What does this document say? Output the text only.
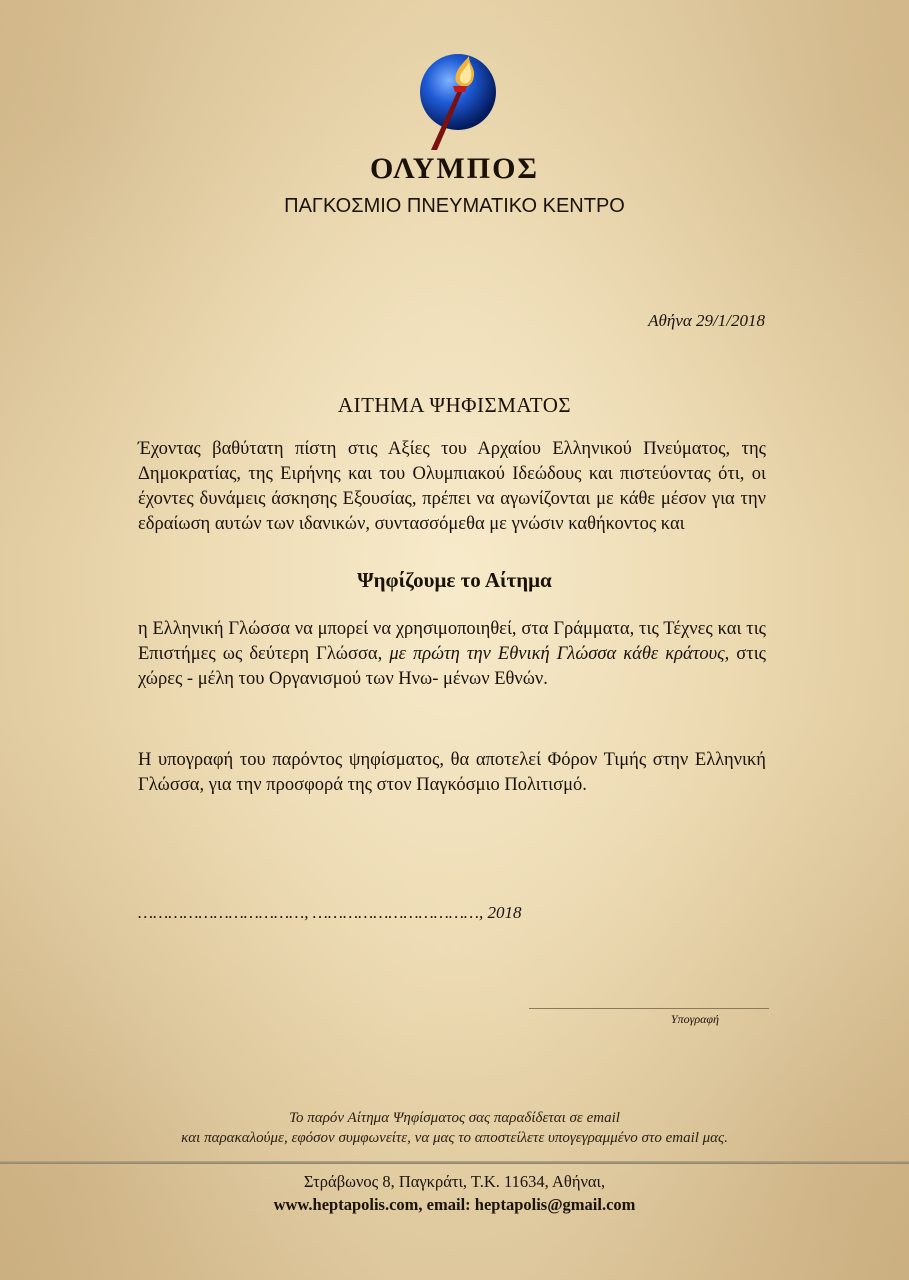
ΟΛΥΜΠΟΣ
ΠΑΓΚΟΣΜΙΟ ΠΝΕΥΜΑΤΙΚΟ ΚΕΝΤΡΟ
Αθήνα 29/1/2018
ΑΙΤΗΜΑ ΨΗΦΙΣΜΑΤΟΣ
Έχοντας βαθύτατη πίστη στις Αξίες του Αρχαίου Ελληνικού Πνεύματος, της Δημοκρατίας, της Ειρήνης και του Ολυμπιακού Ιδεώδους και πιστεύοντας ότι, οι έχοντες δυνάμεις άσκησης Εξουσίας, πρέπει να αγωνίζονται με κάθε μέσον για την εδραίωση αυτών των ιδανικών, συντασσόμεθα με γνώσιν καθήκοντος και
Ψηφίζουμε το Αίτημα
η Ελληνική Γλώσσα να μπορεί να χρησιμοποιηθεί, στα Γράμματα, τις Τέχνες και τις Επιστήμες ως δεύτερη Γλώσσα, με πρώτη την Εθνική Γλώσσα κάθε κράτους, στις χώρες - μέλη του Οργανισμού των Ηνω- μένων Εθνών.
Η υπογραφή του παρόντος ψηφίσματος, θα αποτελεί Φόρον Τιμής στην Ελληνική Γλώσσα, για την προσφορά της στον Παγκόσμιο Πολιτισμό.
……………………………, ……………………………, 2018
Υπογραφή
Το παρόν Αίτημα Ψηφίσματος σας παραδίδεται σε email
και παρακαλούμε, εφόσον συμφωνείτε, να μας το αποστείλετε υπογεγραμμένο στο email μας.
Στράβωνος 8, Παγκράτι, Τ.Κ. 11634, Αθήναι,
www.heptapolis.com, email: heptapolis@gmail.com
